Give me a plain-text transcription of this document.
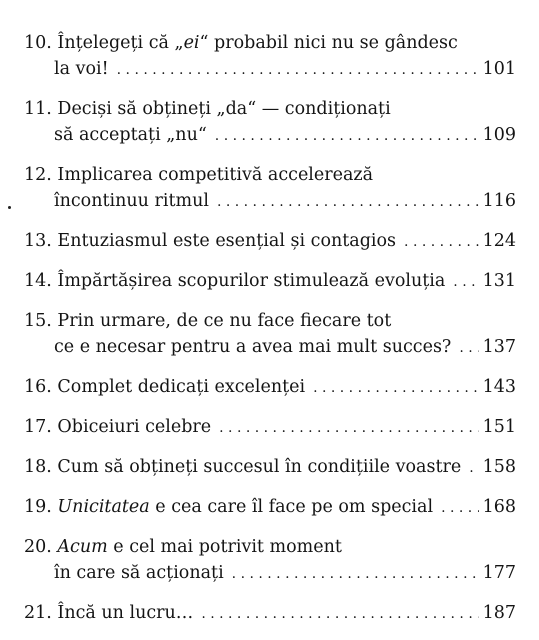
10. Înțelegeți că „ei“ probabil nici nu se gândesc
la voi! . . .	101
11. Deciși să obțineți „da“ — condiționați
să acceptați „nu“ . . .	109
12. Implicarea competitivă accelerează
încontinuu ritmul . . .	116
13.
Entuziasmul este esențial și contagios . . .	124
14.
Împărtășirea scopurilor stimulează evoluția . . . 131
15. Prin urmare, de ce nu face fiecare tot
ce e necesar pentru a avea mai mult succes? . . . 137
16.
Complet dedicați excelenței . . .	143
17.
Obiceiuri celebre . . .	151
18.
Cum să obțineți succesul în condițiile voastre . . . 158
19.
Unicitatea e cea care îl face pe om special . . .	168
20. Acum e cel mai potrivit moment
în care să acționați . . .	177
21.
Încă un lucru… . . .	187
